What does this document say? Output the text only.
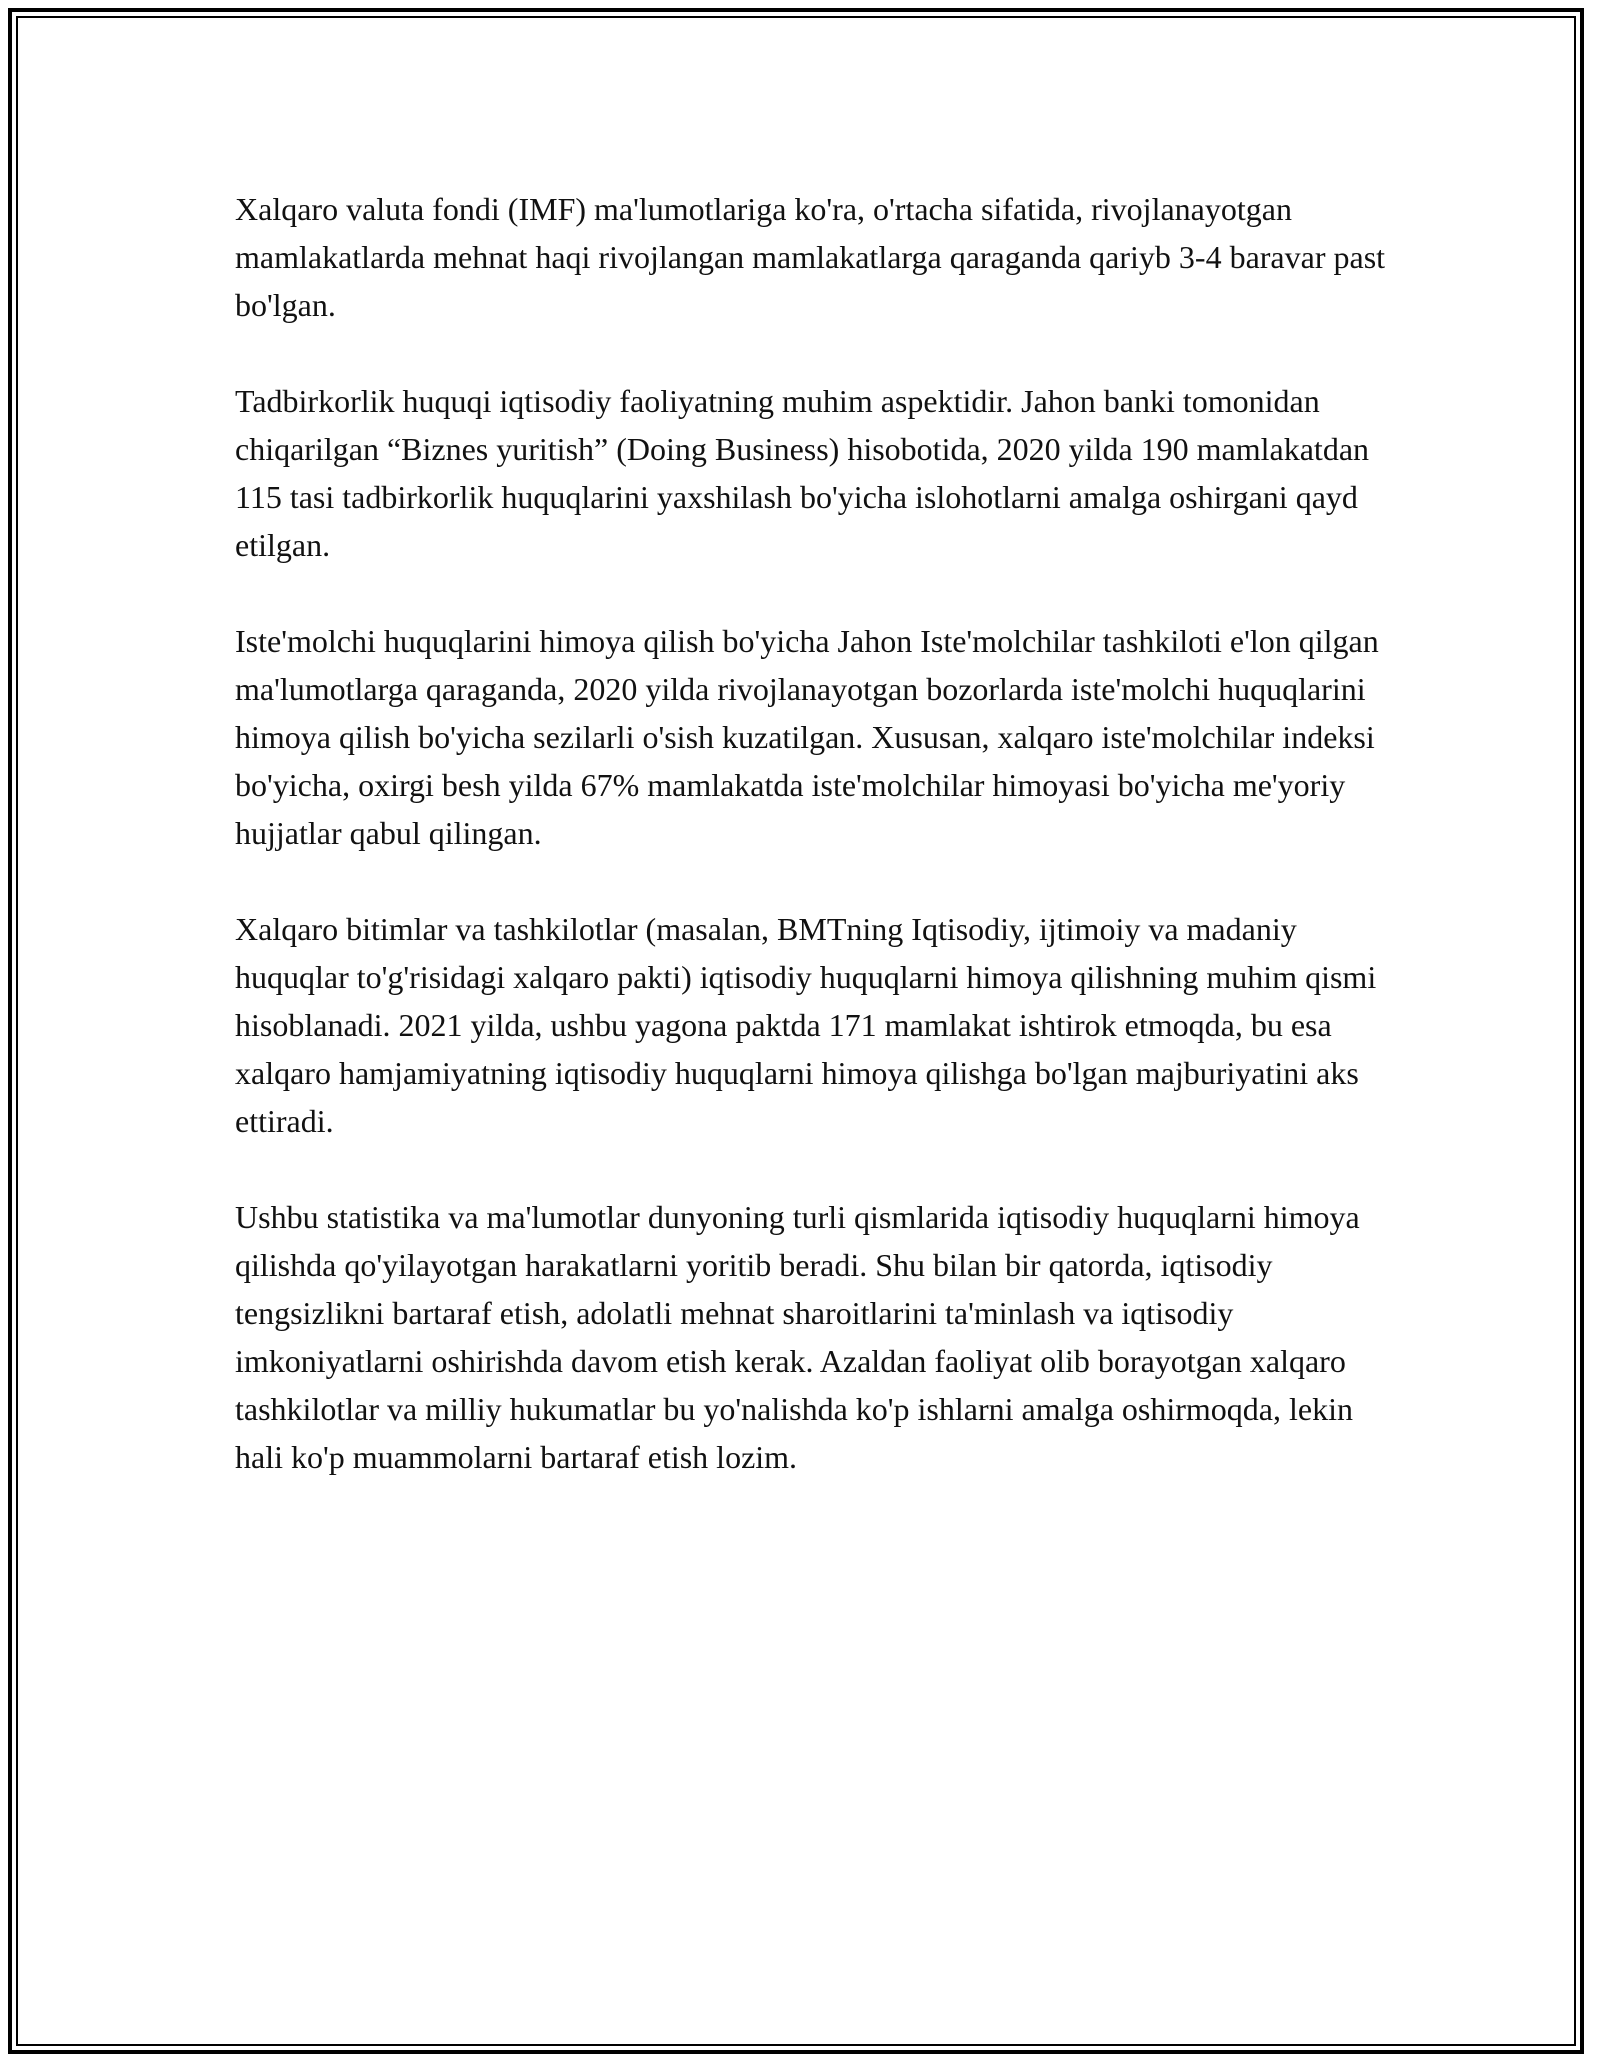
Xalqaro valuta fondi (IMF) ma'lumotlariga ko'ra, o'rtacha sifatida, rivojlanayotgan mamlakatlarda mehnat haqi rivojlangan mamlakatlarga qaraganda qariyb 3-4 baravar past bo'lgan.

Tadbirkorlik huquqi iqtisodiy faoliyatning muhim aspektidir. Jahon banki tomonidan chiqarilgan “Biznes yuritish” (Doing Business) hisobotida, 2020 yilda 190 mamlakatdan 115 tasi tadbirkorlik huquqlarini yaxshilash bo'yicha islohotlarni amalga oshirgani qayd etilgan.

Iste'molchi huquqlarini himoya qilish bo'yicha Jahon Iste'molchilar tashkiloti e'lon qilgan ma'lumotlarga qaraganda, 2020 yilda rivojlanayotgan bozorlarda iste'molchi huquqlarini himoya qilish bo'yicha sezilarli o'sish kuzatilgan. Xususan, xalqaro iste'molchilar indeksi bo'yicha, oxirgi besh yilda 67% mamlakatda iste'molchilar himoyasi bo'yicha me'yoriy hujjatlar qabul qilingan.

Xalqaro bitimlar va tashkilotlar (masalan, BMTning Iqtisodiy, ijtimoiy va madaniy huquqlar to'g'risidagi xalqaro pakti) iqtisodiy huquqlarni himoya qilishning muhim qismi hisoblanadi. 2021 yilda, ushbu yagona paktda 171 mamlakat ishtirok etmoqda, bu esa xalqaro hamjamiyatning iqtisodiy huquqlarni himoya qilishga bo'lgan majburiyatini aks ettiradi.

Ushbu statistika va ma'lumotlar dunyoning turli qismlarida iqtisodiy huquqlarni himoya qilishda qo'yilayotgan harakatlarni yoritib beradi. Shu bilan bir qatorda, iqtisodiy tengsizlikni bartaraf etish, adolatli mehnat sharoitlarini ta'minlash va iqtisodiy imkoniyatlarni oshirishda davom etish kerak. Azaldan faoliyat olib borayotgan xalqaro tashkilotlar va milliy hukumatlar bu yo'nalishda ko'p ishlarni amalga oshirmoqda, lekin hali ko'p muammolarni bartaraf etish lozim.
